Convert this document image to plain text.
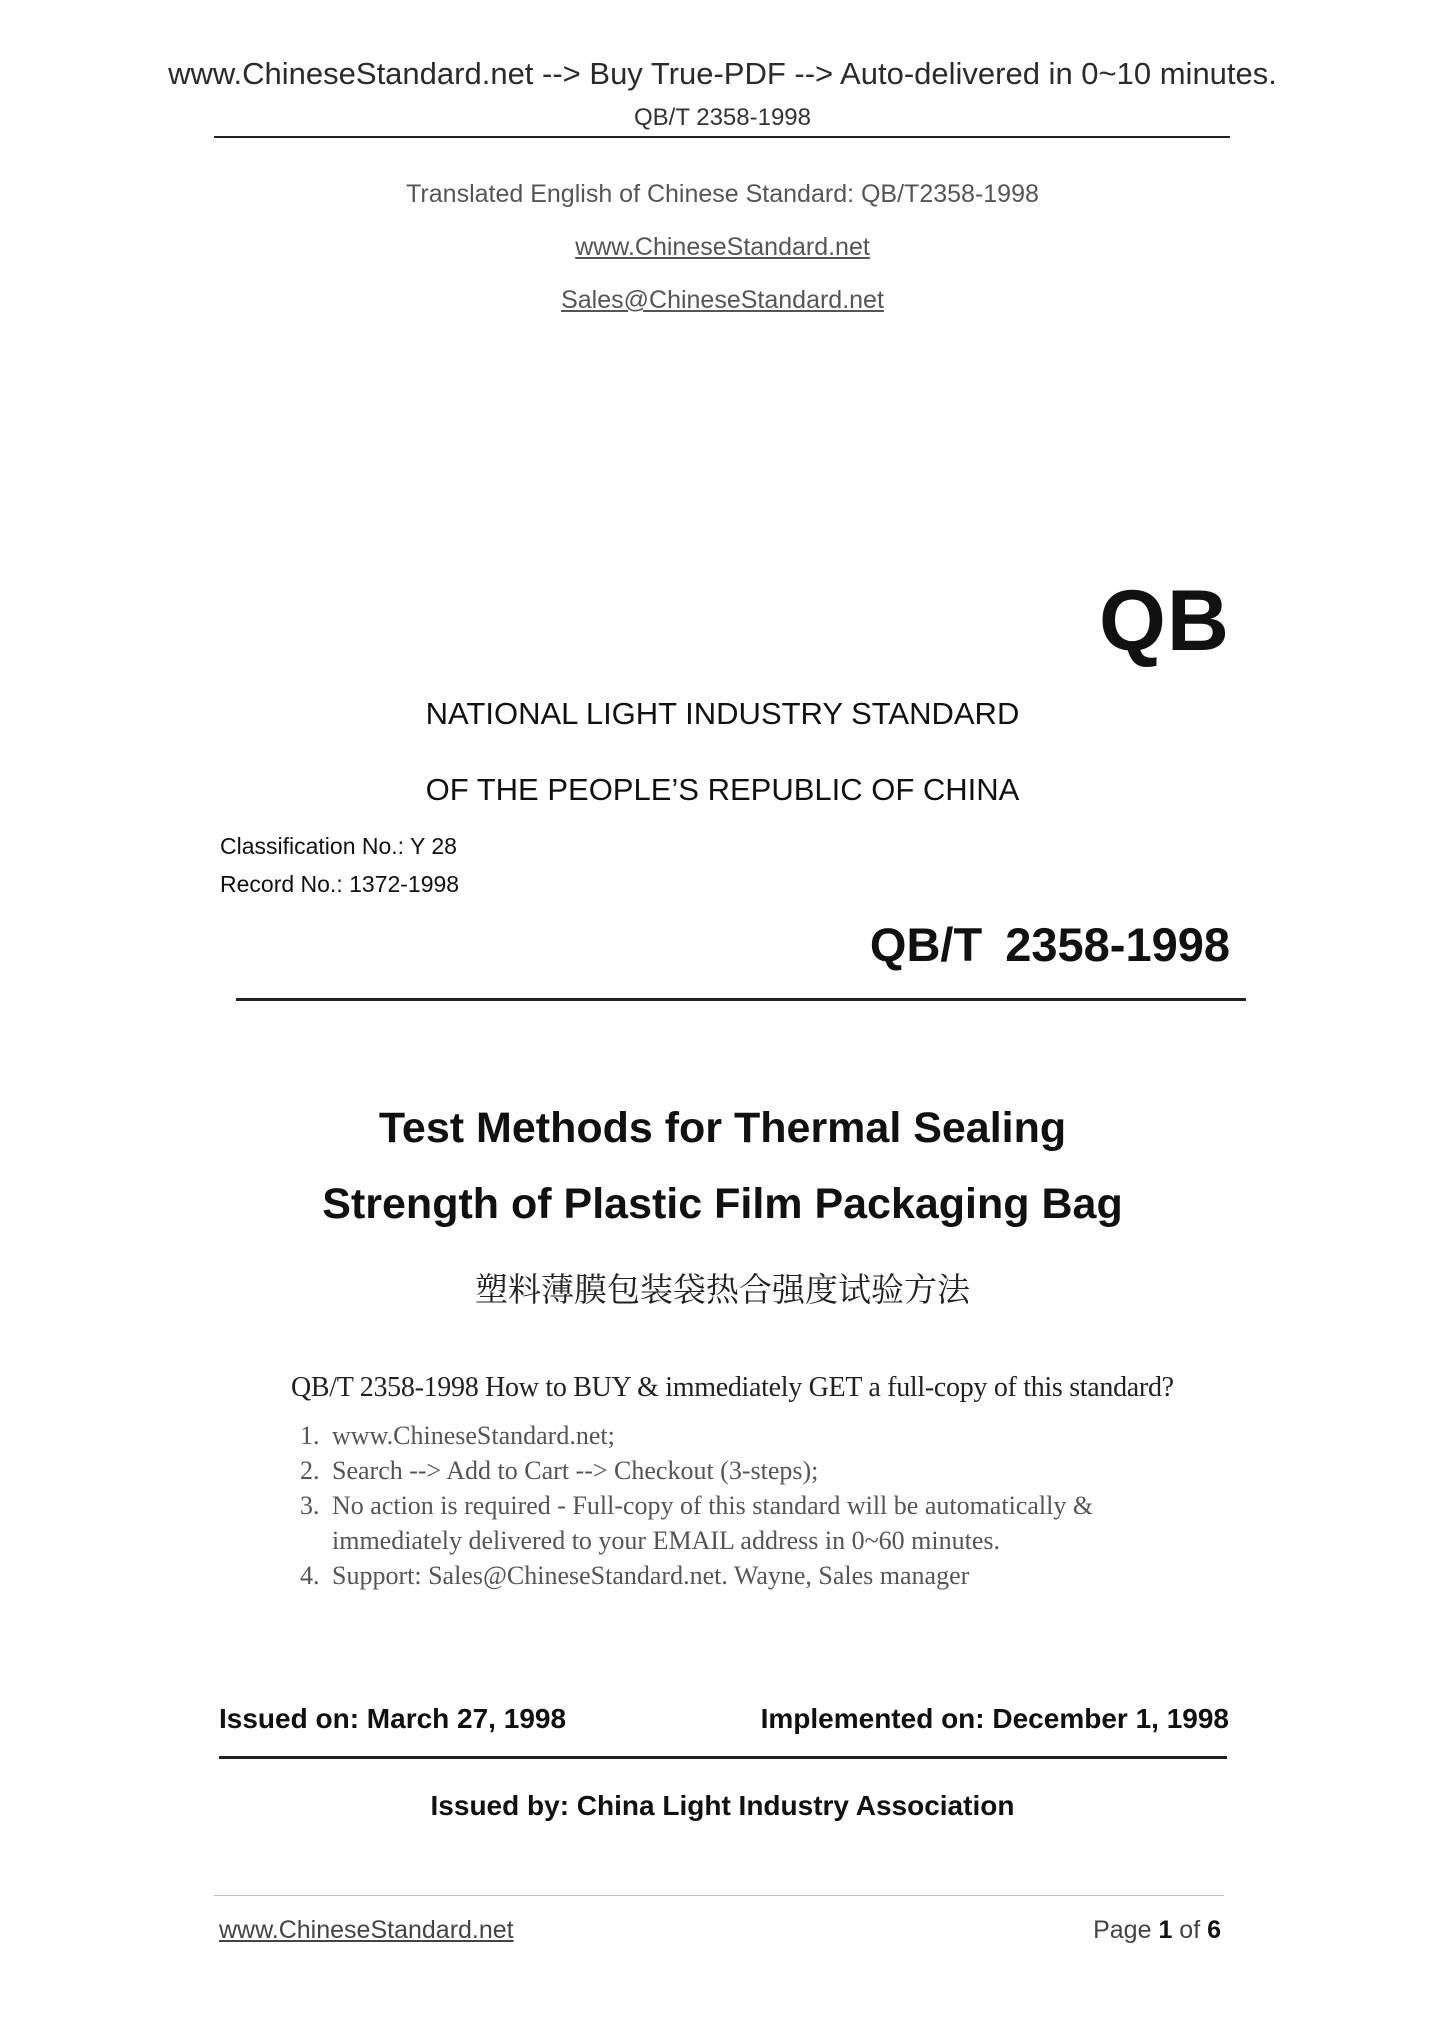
www.ChineseStandard.net --> Buy True-PDF --> Auto-delivered in 0~10 minutes.
QB/T 2358-1998
Translated English of Chinese Standard: QB/T2358-1998
www.ChineseStandard.net
Sales@ChineseStandard.net
QB
NATIONAL LIGHT INDUSTRY STANDARD
OF THE PEOPLE’S REPUBLIC OF CHINA
Classification No.: Y 28
Record No.: 1372-1998
QB/T 2358-1998
Test Methods for Thermal Sealing
Strength of Plastic Film Packaging Bag
塑料薄膜包装袋热合强度试验方法
QB/T 2358-1998 How to BUY & immediately GET a full-copy of this standard?
1. www.ChineseStandard.net;
2. Search --> Add to Cart --> Checkout (3-steps);
3. No action is required - Full-copy of this standard will be automatically &
immediately delivered to your EMAIL address in 0~60 minutes.
4. Support: Sales@ChineseStandard.net. Wayne, Sales manager
Issued on: March 27, 1998	Implemented on: December 1, 1998
Issued by: China Light Industry Association
www.ChineseStandard.net	Page 1 of 6
